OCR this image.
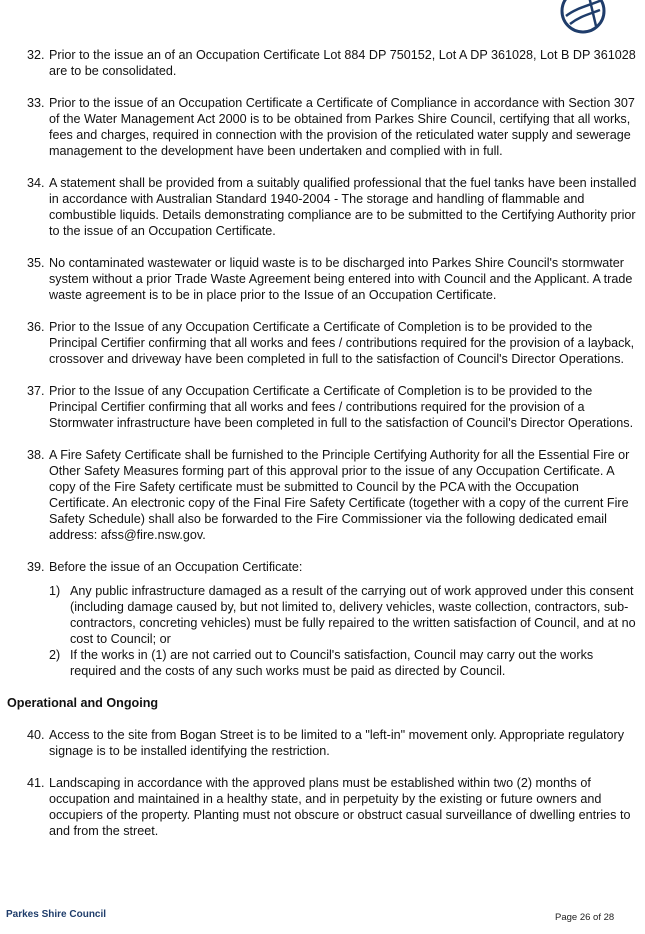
32. Prior to the issue an of an Occupation Certificate Lot 884 DP 750152, Lot A DP 361028, Lot B DP 361028 are to be consolidated.
33. Prior to the issue of an Occupation Certificate a Certificate of Compliance in accordance with Section 307 of the Water Management Act 2000 is to be obtained from Parkes Shire Council, certifying that all works, fees and charges, required in connection with the provision of the reticulated water supply and sewerage management to the development have been undertaken and complied with in full.
34. A statement shall be provided from a suitably qualified professional that the fuel tanks have been installed in accordance with Australian Standard 1940-2004 - The storage and handling of flammable and combustible liquids. Details demonstrating compliance are to be submitted to the Certifying Authority prior to the issue of an Occupation Certificate.
35. No contaminated wastewater or liquid waste is to be discharged into Parkes Shire Council's stormwater system without a prior Trade Waste Agreement being entered into with Council and the Applicant. A trade waste agreement is to be in place prior to the Issue of an Occupation Certificate.
36. Prior to the Issue of any Occupation Certificate a Certificate of Completion is to be provided to the Principal Certifier confirming that all works and fees / contributions required for the provision of a layback, crossover and driveway have been completed in full to the satisfaction of Council's Director Operations.
37. Prior to the Issue of any Occupation Certificate a Certificate of Completion is to be provided to the Principal Certifier confirming that all works and fees / contributions required for the provision of a Stormwater infrastructure have been completed in full to the satisfaction of Council's Director Operations.
38. A Fire Safety Certificate shall be furnished to the Principle Certifying Authority for all the Essential Fire or Other Safety Measures forming part of this approval prior to the issue of any Occupation Certificate. A copy of the Fire Safety certificate must be submitted to Council by the PCA with the Occupation Certificate. An electronic copy of the Final Fire Safety Certificate (together with a copy of the current Fire Safety Schedule) shall also be forwarded to the Fire Commissioner via the following dedicated email address: afss@fire.nsw.gov.
39. Before the issue of an Occupation Certificate:
1) Any public infrastructure damaged as a result of the carrying out of work approved under this consent (including damage caused by, but not limited to, delivery vehicles, waste collection, contractors, sub-contractors, concreting vehicles) must be fully repaired to the written satisfaction of Council, and at no cost to Council; or
2) If the works in (1) are not carried out to Council's satisfaction, Council may carry out the works required and the costs of any such works must be paid as directed by Council.
Operational and Ongoing
40. Access to the site from Bogan Street is to be limited to a "left-in" movement only. Appropriate regulatory signage is to be installed identifying the restriction.
41. Landscaping in accordance with the approved plans must be established within two (2) months of occupation and maintained in a healthy state, and in perpetuity by the existing or future owners and occupiers of the property. Planting must not obscure or obstruct casual surveillance of dwelling entries to and from the street.
Parkes Shire Council	Page 26 of 28
